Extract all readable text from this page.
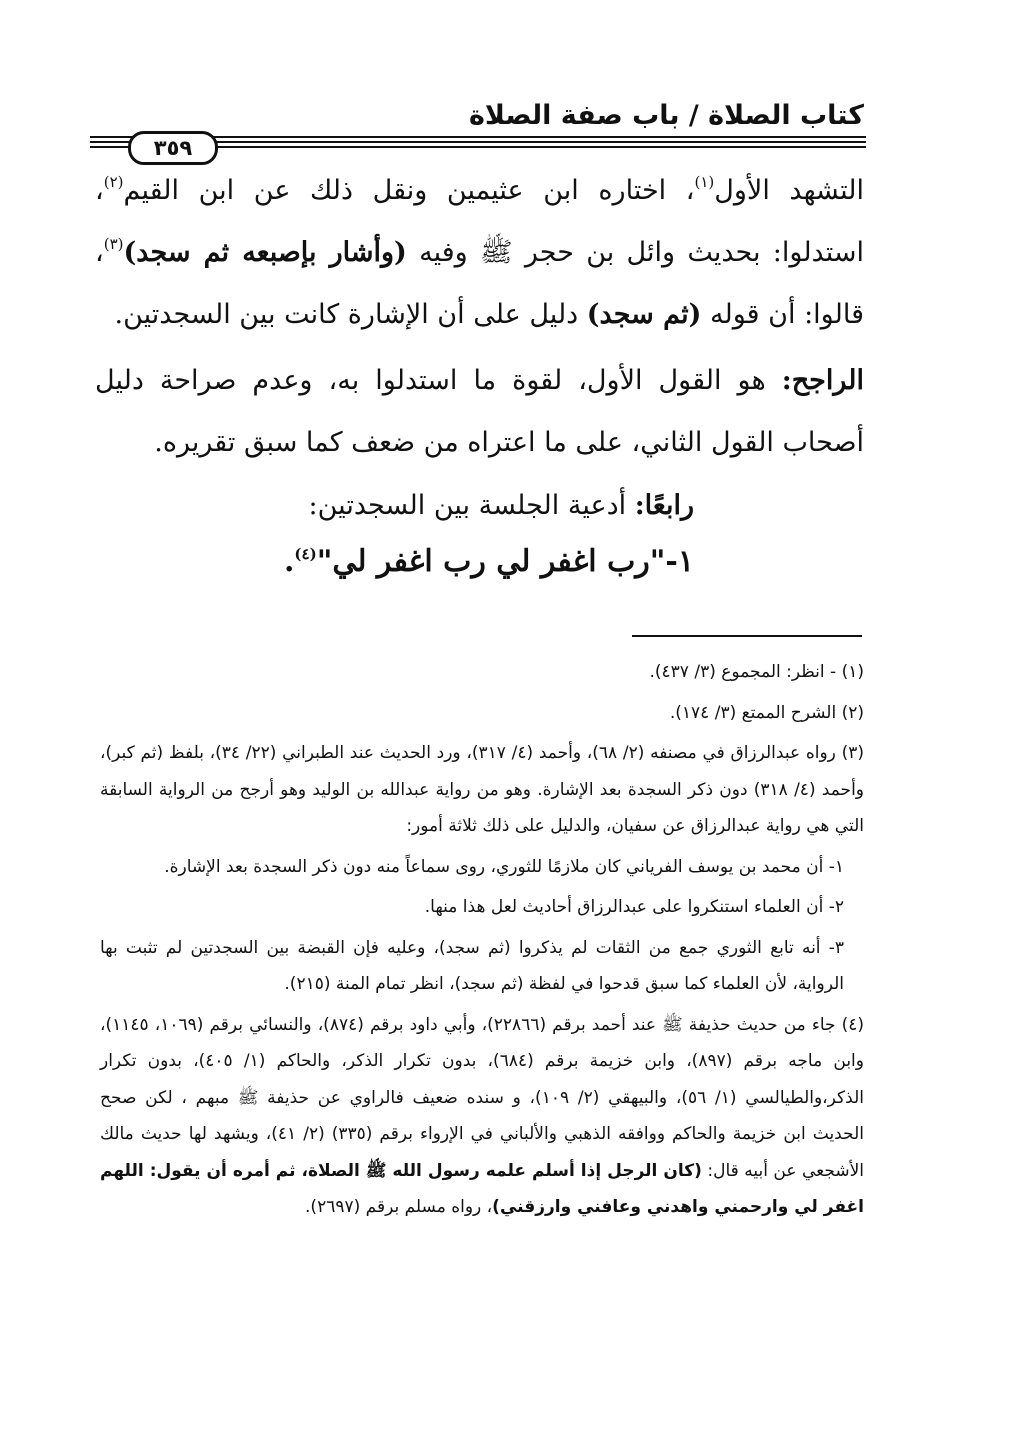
كتاب الصلاة / باب صفة الصلاة
٣٥٩

التشهد الأول$^{(١)}$، اختاره ابن عثيمين ونقل ذلك عن ابن القيم$^{(٢)}$، استدلوا: بحديث وائل بن حجر ﷺ وفيه (وأشار بإصبعه ثم سجد)$^{(٣)}$، قالوا: أن قوله (ثم سجد) دليل على أن الإشارة كانت بين السجدتين.

الراجح: هو القول الأول، لقوة ما استدلوا به، وعدم صراحة دليل أصحاب القول الثاني، على ما اعتراه من ضعف كما سبق تقريره.

رابعًا: أدعية الجلسة بين السجدتين:
١-"رب اغفر لي رب اغفر لي"$^{(٤)}$.

(١) - انظر: المجموع (٣/ ٤٣٧).

(٢) الشرح الممتع (٣/ ١٧٤).

(٣) رواه عبدالرزاق في مصنفه (٢/ ٦٨)، وأحمد (٤/ ٣١٧)، ورد الحديث عند الطبراني (٢٢/ ٣٤)، بلفظ (ثم كبر)، وأحمد (٤/ ٣١٨) دون ذكر السجدة بعد الإشارة. وهو من رواية عبدالله بن الوليد وهو أرجح من الرواية السابقة التي هي رواية عبدالرزاق عن سفيان، والدليل على ذلك ثلاثة أمور:

١- أن محمد بن يوسف الفرياني كان ملازمًا للثوري، روى سماعاً منه دون ذكر السجدة بعد الإشارة.

٢- أن العلماء استنكروا على عبدالرزاق أحاديث لعل هذا منها.

٣- أنه تابع الثوري جمع من الثقات لم يذكروا (ثم سجد)، وعليه فإن القبضة بين السجدتين لم تثبت بها الرواية، لأن العلماء كما سبق قدحوا في لفظة (ثم سجد)، انظر تمام المنة (٢١٥).

(٤) جاء من حديث حذيفة ﷺ عند أحمد برقم (٢٢٨٦٦)، وأبي داود برقم (٨٧٤)، والنسائي برقم (١٠٦٩، ١١٤٥)، وابن ماجه برقم (٨٩٧)، وابن خزيمة برقم (٦٨٤)، بدون تكرار الذكر، والحاكم (١/ ٤٠٥)، بدون تكرار الذكر،والطيالسي (١/ ٥٦)، والبيهقي (٢/ ١٠٩)، و سنده ضعيف فالراوي عن حذيفة ﷺ مبهم ، لكن صحح الحديث ابن خزيمة والحاكم ووافقه الذهبي والألباني في الإرواء برقم (٣٣٥) (٢/ ٤١)، ويشهد لها حديث مالك الأشجعي عن أبيه قال: (كان الرجل إذا أسلم علمه رسول الله ﷺ الصلاة، ثم أمره أن يقول: اللهم اغفر لي وارحمني واهدني وعافني وارزقني)، رواه مسلم برقم (٢٦٩٧).
